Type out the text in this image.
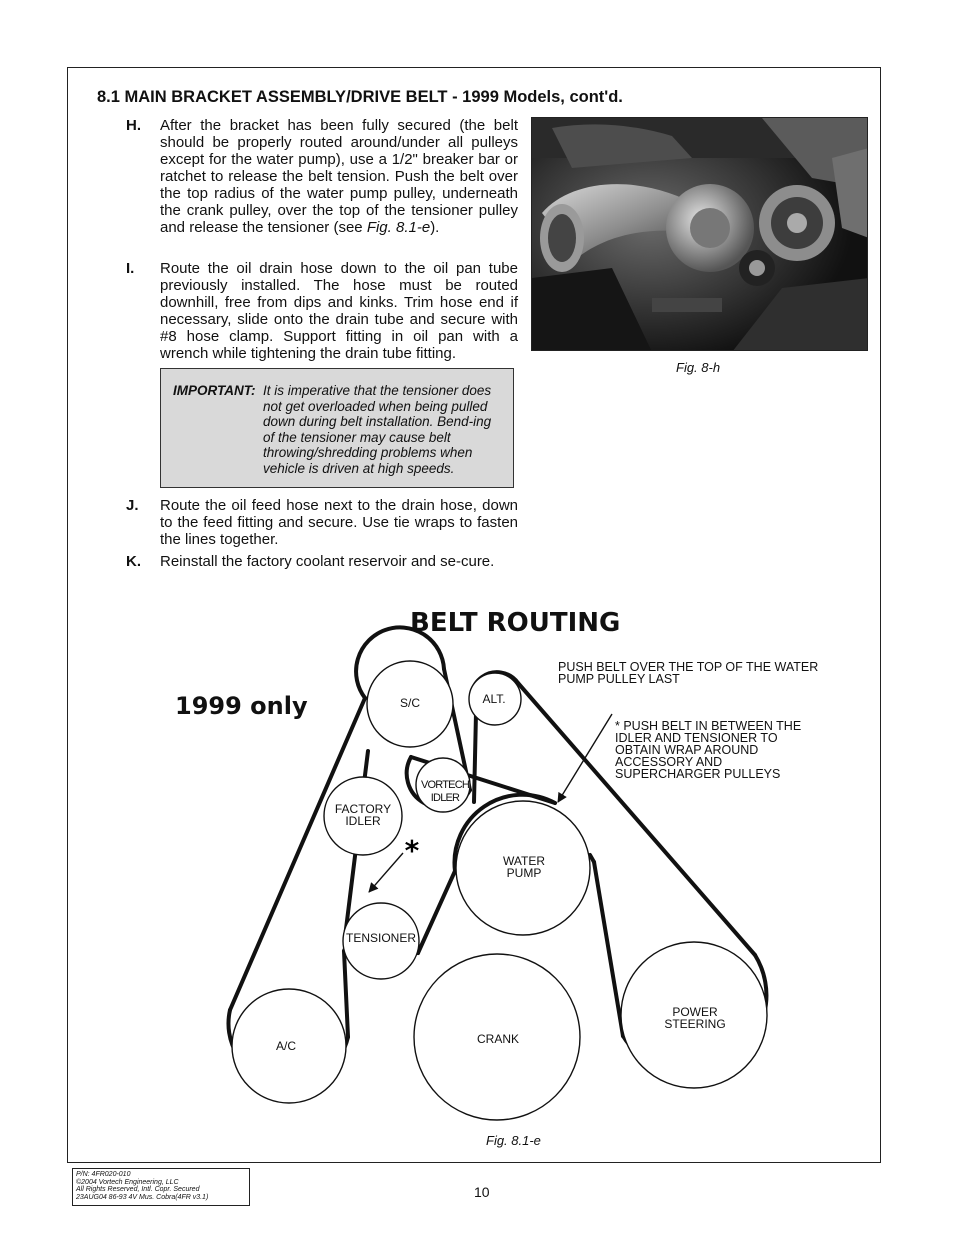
8.1 MAIN BRACKET ASSEMBLY/DRIVE BELT - 1999 Models, cont'd.
H. After the bracket has been fully secured (the belt should be properly routed around/under all pulleys except for the water pump), use a 1/2" breaker bar or ratchet to release the belt tension. Push the belt over the top radius of the water pump pulley, underneath the crank pulley, over the top of the tensioner pulley and release the tensioner (see Fig. 8.1-e).
I. Route the oil drain hose down to the oil pan tube previously installed. The hose must be routed downhill, free from dips and kinks. Trim hose end if necessary, slide onto the drain tube and secure with #8 hose clamp. Support fitting in oil pan with a wrench while tightening the drain tube fitting.
IMPORTANT: It is imperative that the tensioner does not get overloaded when being pulled down during belt installation. Bend-ing of the tensioner may cause belt throwing/shredding problems when vehicle is driven at high speeds.
J. Route the oil feed hose next to the drain hose, down to the feed fitting and secure. Use tie wraps to fasten the lines together.
K. Reinstall the factory coolant reservoir and se-cure.
Fig. 8-h
BELT ROUTING
1999 only
PUSH BELT OVER THE TOP OF THE WATER
PUMP PULLEY LAST
* PUSH BELT IN BETWEEN THE
IDLER AND TENSIONER TO
OBTAIN WRAP AROUND
ACCESSORY AND
SUPERCHARGER PULLEYS
S/C	ALT.
VORTECH
IDLER
FACTORY
IDLER
WATER
PUMP
TENSIONER
A/C	CRANK
POWER
STEERING
*
Fig. 8.1-e
P/N: 4FR020-010
©2004 Vortech Engineering, LLC
All Rights Reserved, Intl. Copr. Secured
23AUG04 86-93 4V Mus. Cobra(4FR v3.1)	10
